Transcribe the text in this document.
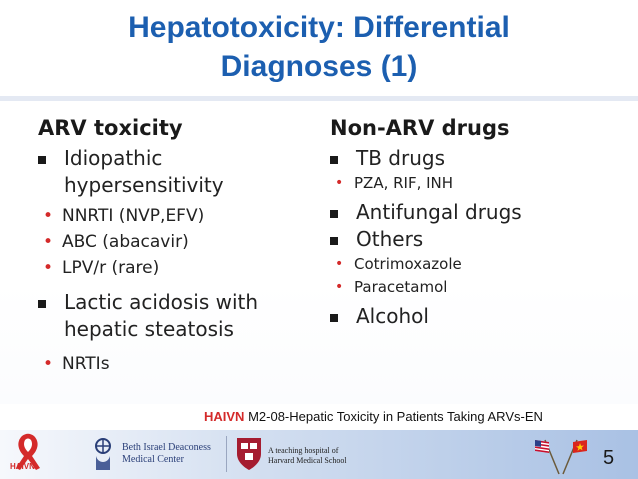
Hepatotoxicity: Differential
Diagnoses (1)
ARV toxicity
Idiopathic hypersensitivity
• NNRTI (NVP,EFV)
• ABC (abacavir)
• LPV/r (rare)
Lactic acidosis with hepatic steatosis
• NRTIs
Non-ARV drugs
TB drugs
• PZA, RIF, INH
Antifungal drugs
Others
• Cotrimoxazole
• Paracetamol
Alcohol
HAIVN M2-08-Hepatic Toxicity in Patients Taking ARVs-EN
HAIVN
Beth Israel Deaconess
Medical Center
A teaching hospital of
Harvard Medical School	5
